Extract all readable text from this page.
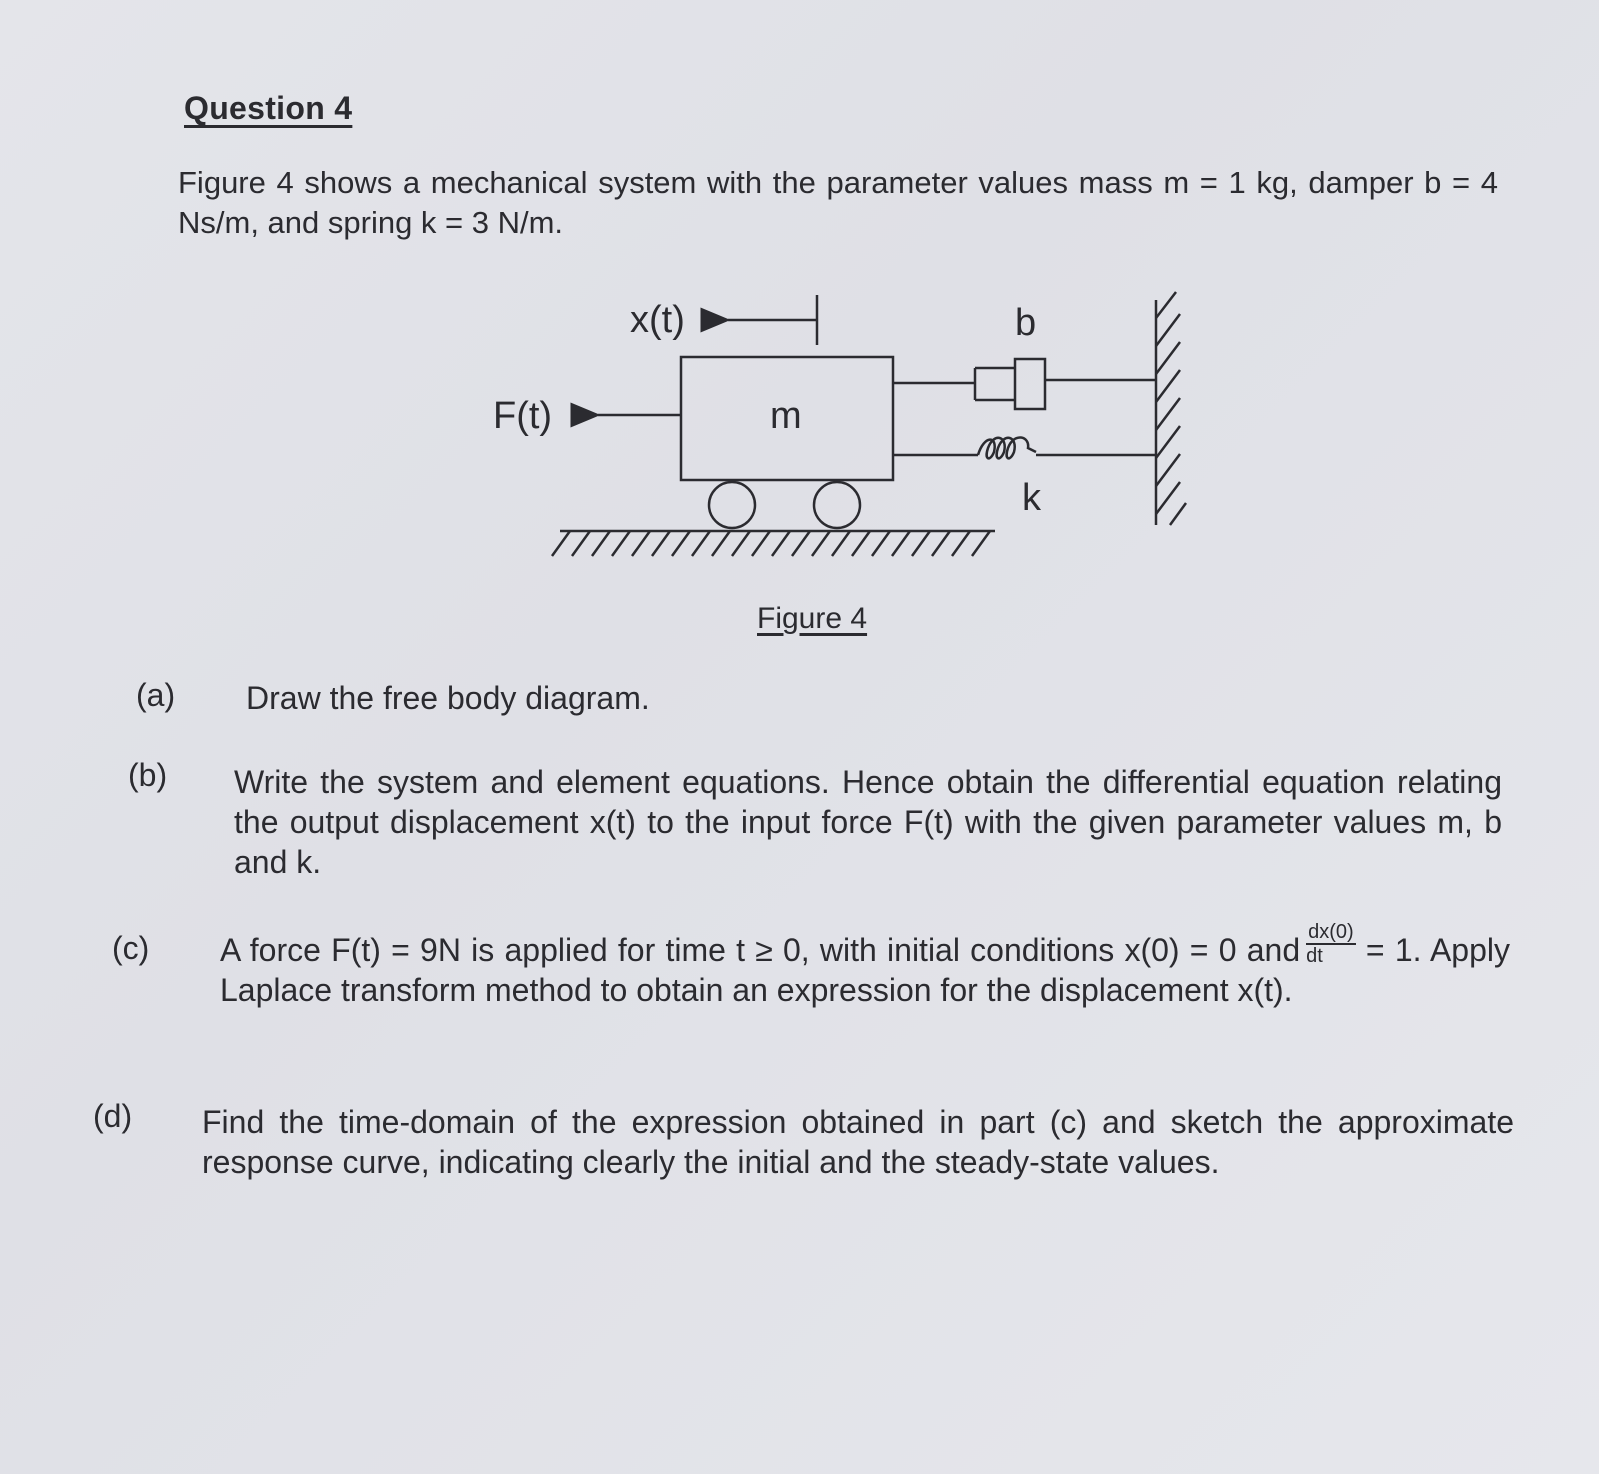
Question 4
Figure 4 shows a mechanical system with the parameter values mass m = 1 kg, damper b = 4 Ns/m, and spring k = 3 N/m.
x(t)
F(t)	m
b
k
Figure 4
(a) Draw the free body diagram.
(b) Write the system and element equations. Hence obtain the differential equation relating the output displacement x(t) to the input force F(t) with the given parameter values m, b and k.
(c) A force F(t) = 9N is applied for time t ≥ 0, with initial conditions x(0) = 0 and $\frac{dx(0)}{dt} = 1$. Apply Laplace transform method to obtain an expression for the displacement x(t).
(d) Find the time-domain of the expression obtained in part (c) and sketch the approximate response curve, indicating clearly the initial and the steady-state values.
